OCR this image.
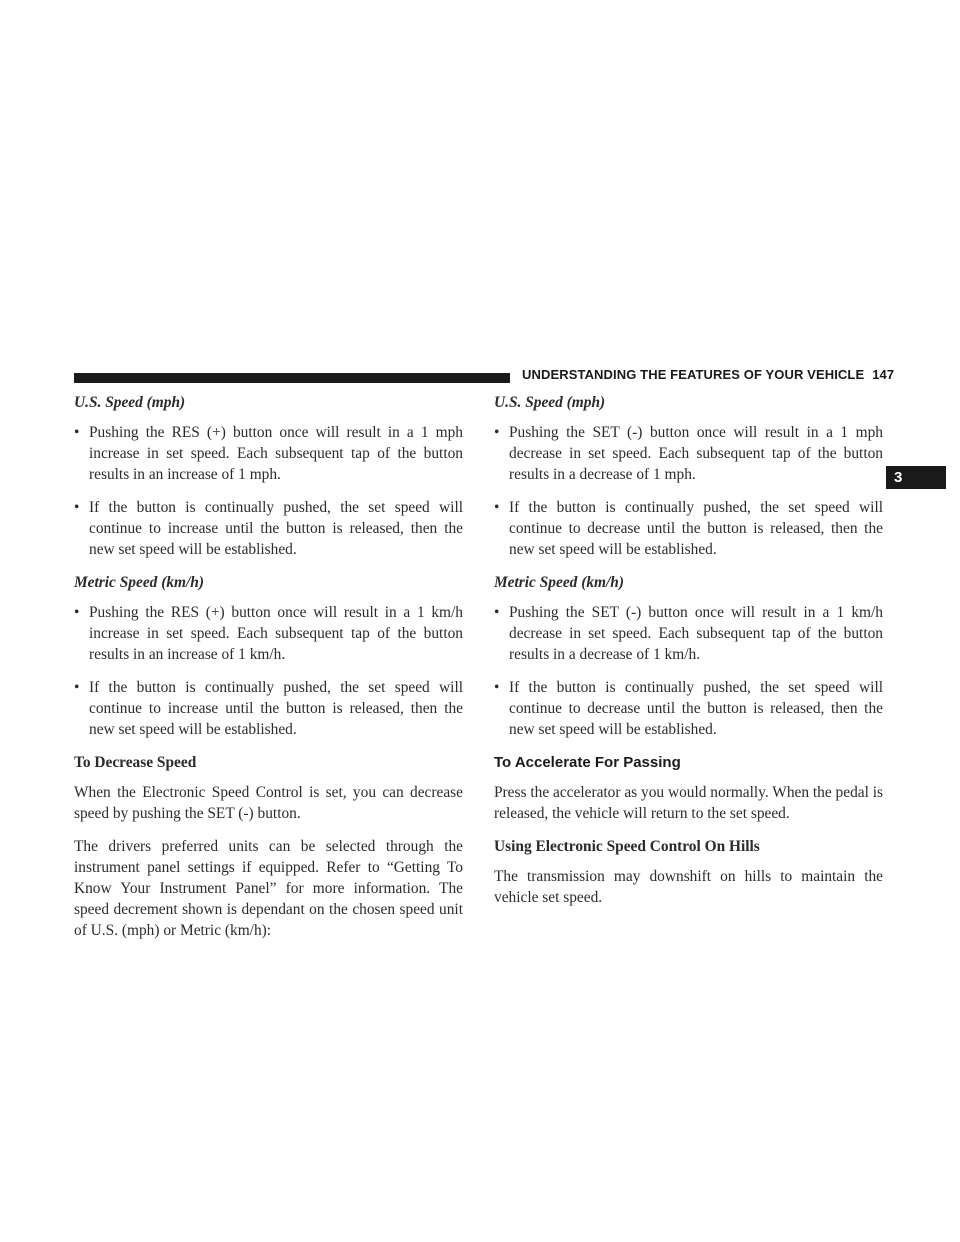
UNDERSTANDING THE FEATURES OF YOUR VEHICLE 147
3
U.S. Speed (mph)
• Pushing the RES (+) button once will result in a 1 mph increase in set speed. Each subsequent tap of the button results in an increase of 1 mph.
• If the button is continually pushed, the set speed will continue to increase until the button is released, then the new set speed will be established.
Metric Speed (km/h)
• Pushing the RES (+) button once will result in a 1 km/h increase in set speed. Each subsequent tap of the button results in an increase of 1 km/h.
• If the button is continually pushed, the set speed will continue to increase until the button is released, then the new set speed will be established.
To Decrease Speed

When the Electronic Speed Control is set, you can decrease speed by pushing the SET (-) button.

The drivers preferred units can be selected through the instrument panel settings if equipped. Refer to “Getting To Know Your Instrument Panel” for more information. The speed decrement shown is dependant on the chosen speed unit of U.S. (mph) or Metric (km/h):

U.S. Speed (mph)
• Pushing the SET (-) button once will result in a 1 mph decrease in set speed. Each subsequent tap of the button results in a decrease of 1 mph.
• If the button is continually pushed, the set speed will continue to decrease until the button is released, then the new set speed will be established.
Metric Speed (km/h)
• Pushing the SET (-) button once will result in a 1 km/h decrease in set speed. Each subsequent tap of the button results in a decrease of 1 km/h.
• If the button is continually pushed, the set speed will continue to decrease until the button is released, then the new set speed will be established.
To Accelerate For Passing

Press the accelerator as you would normally. When the pedal is released, the vehicle will return to the set speed.

Using Electronic Speed Control On Hills

The transmission may downshift on hills to maintain the vehicle set speed.
